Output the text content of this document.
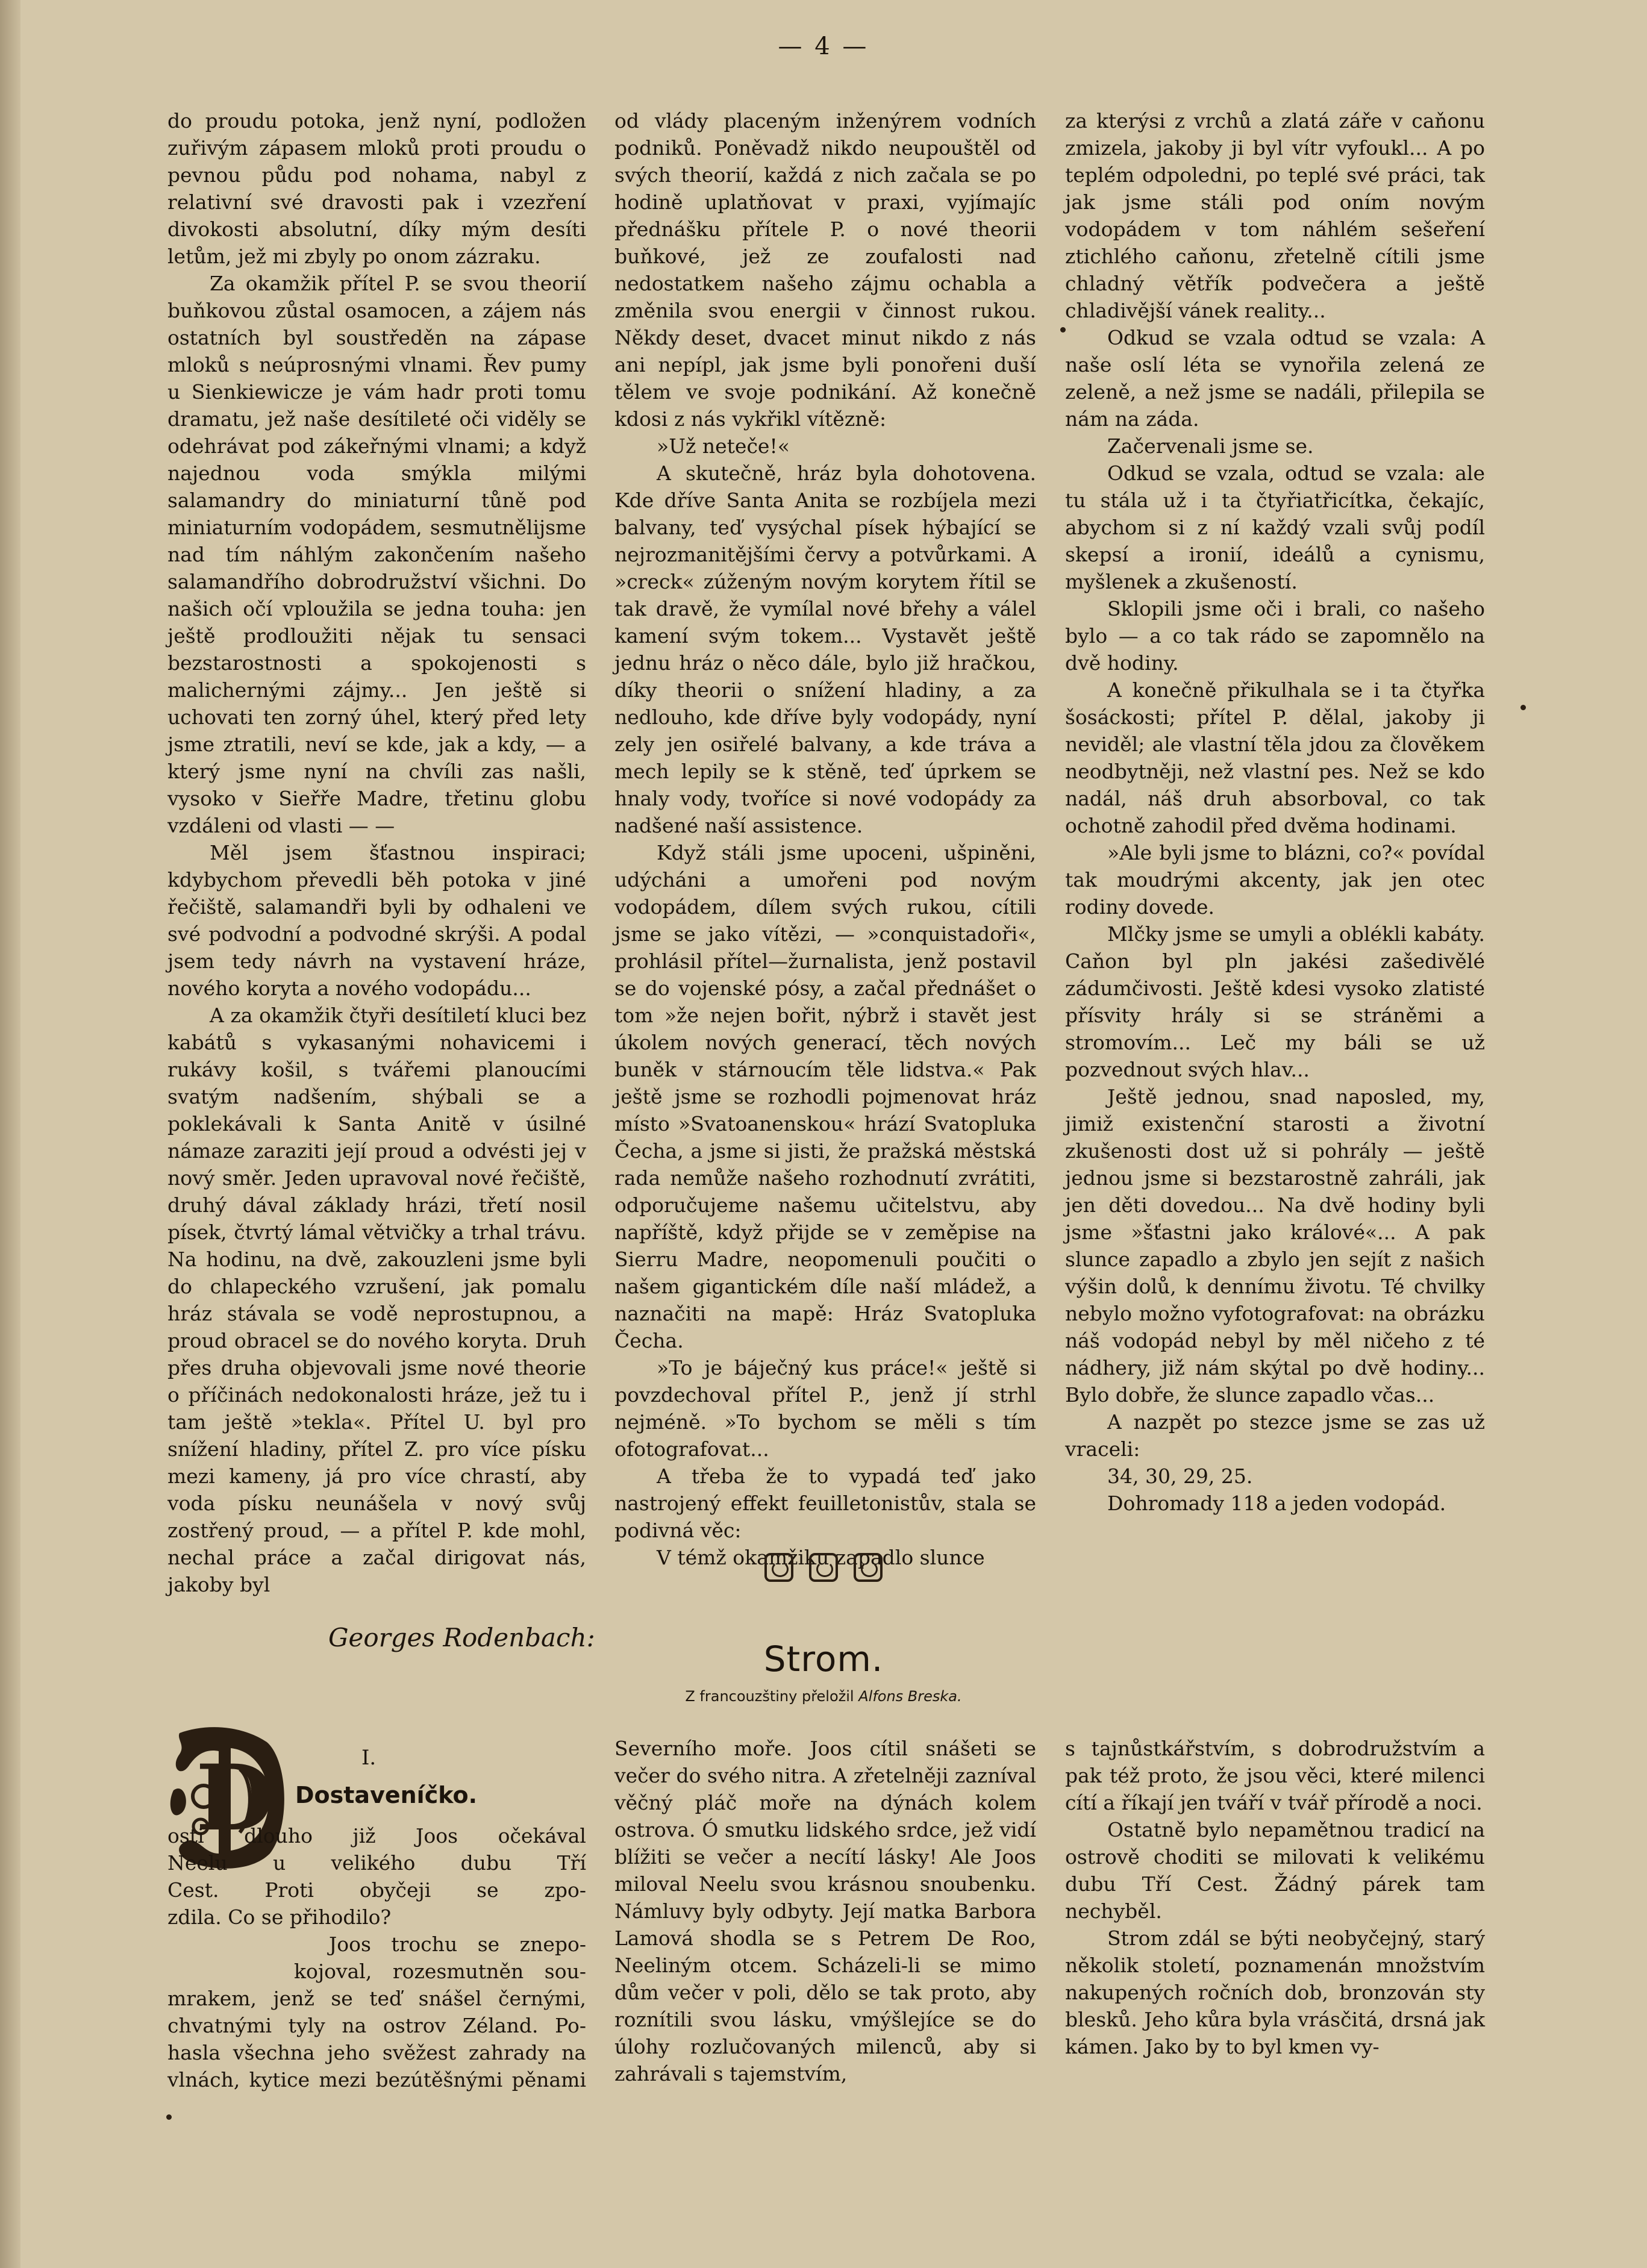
— 4 —

do proudu potoka, jenž nyní, podložen zuřivým zápasem mloků proti proudu o pevnou půdu pod nohama, nabyl z relativní své dravosti pak i vzezření divokosti absolutní, díky mým desíti letům, jež mi zbyly po onom zázraku.

Za okamžik přítel P. se svou theorií buňkovou zůstal osamocen, a zájem nás ostatních byl soustředěn na zápase mloků s neúprosnými vlnami. Řev pumy u Sienkiewicze je vám hadr proti tomu dramatu, jež naše desítileté oči viděly se odehrávat pod zákeřnými vlnami; a když najednou voda smýkla milými salamandry do miniaturní tůně pod miniaturním vodopádem, sesmutnělijsme nad tím náhlým zakončením našeho salamandřího dobrodružství všichni. Do našich očí vploužila se jedna touha: jen ještě prodloužiti nějak tu sensaci bezstarostnosti a spokojenosti s malichernými zájmy... Jen ještě si uchovati ten zorný úhel, který před lety jsme ztratili, neví se kde, jak a kdy, — a který jsme nyní na chvíli zas našli, vysoko v Sieřře Madre, třetinu globu vzdáleni od vlasti — —

Měl jsem šťastnou inspiraci; kdybychom převedli běh potoka v jiné řečiště, salamandři byli by odhaleni ve své podvodní a podvodné skrýši. A podal jsem tedy návrh na vystavení hráze, nového koryta a nového vodopádu...

A za okamžik čtyři desítiletí kluci bez kabátů s vykasanými nohavicemi i rukávy košil, s tvářemi planoucími svatým nadšením, shýbali se a poklekávali k Santa Anitě v úsilné námaze zaraziti její proud a odvésti jej v nový směr. Jeden upravoval nové řečiště, druhý dával základy hrázi, třetí nosil písek, čtvrtý lámal větvičky a trhal trávu. Na hodinu, na dvě, zakouzleni jsme byli do chlapeckého vzrušení, jak pomalu hráz stávala se vodě neprostupnou, a proud obracel se do nového koryta. Druh přes druha objevovali jsme nové theorie o příčinách nedokonalosti hráze, jež tu i tam ještě »tekla«. Přítel U. byl pro snížení hladiny, přítel Z. pro více písku mezi kameny, já pro více chrastí, aby voda písku neunášela v nový svůj zostřený proud, — a přítel P. kde mohl, nechal práce a začal dirigovat nás, jakoby byl

od vlády placeným inženýrem vodních podniků. Poněvadž nikdo neupouštěl od svých theorií, každá z nich začala se po hodině uplatňovat v praxi, vyjímajíc přednášku přítele P. o nové theorii buňkové, jež ze zoufalosti nad nedostatkem našeho zájmu ochabla a změnila svou energii v činnost rukou. Někdy deset, dvacet minut nikdo z nás ani nepípl, jak jsme byli ponořeni duší tělem ve svoje podnikání. Až konečně kdosi z nás vykřikl vítězně:

»Už neteče!«

A skutečně, hráz byla dohotovena. Kde dříve Santa Anita se rozbíjela mezi balvany, teď vysýchal písek hýbající se nejrozmanitějšími červy a potvůrkami. A »creck« zúženým novým korytem řítil se tak dravě, že vymílal nové břehy a válel kamení svým tokem... Vystavět ještě jednu hráz o něco dále, bylo již hračkou, díky theorii o snížení hladiny, a za nedlouho, kde dříve byly vodopády, nyní zely jen osiřelé balvany, a kde tráva a mech lepily se k stěně, teď úprkem se hnaly vody, tvoříce si nové vodopády za nadšené naší assistence.

Když stáli jsme upoceni, ušpiněni, udýcháni a umořeni pod novým vodopádem, dílem svých rukou, cítili jsme se jako vítězi, — »conquistadoři«, prohlásil přítel—žurnalista, jenž postavil se do vojenské pósy, a začal přednášet o tom »že nejen bořit, nýbrž i stavět jest úkolem nových generací, těch nových buněk v stárnoucím těle lidstva.« Pak ještě jsme se rozhodli pojmenovat hráz místo »Svatoanenskou« hrází Svatopluka Čecha, a jsme si jisti, že pražská městská rada nemůže našeho rozhodnutí zvrátiti, odporučujeme našemu učitelstvu, aby napříště, když přijde se v zeměpise na Sierru Madre, neopomenuli poučiti o našem gigantickém díle naší mládež, a naznačiti na mapě: Hráz Svatopluka Čecha.

»To je báječný kus práce!« ještě si povzdechoval přítel P., jenž jí strhl nejméně. »To bychom se měli s tím ofotografovat...

A třeba že to vypadá teď jako nastrojený effekt feuilletonistův, stala se podivná věc:

V témž okamžiku zapadlo slunce

za kterýsi z vrchů a zlatá záře v caňonu zmizela, jakoby ji byl vítr vyfoukl... A po teplém odpoledni, po teplé své práci, tak jak jsme stáli pod oním novým vodopádem v tom náhlém sešeření ztichlého caňonu, zřetelně cítili jsme chladný větřík podvečera a ještě chladivější vánek reality...

Odkud se vzala odtud se vzala: A naše oslí léta se vynořila zelená ze zeleně, a než jsme se nadáli, přilepila se nám na záda.

Začervenali jsme se.

Odkud se vzala, odtud se vzala: ale tu stála už i ta čtyřiatřicítka, čekajíc, abychom si z ní každý vzali svůj podíl skepsí a ironií, ideálů a cynismu, myšlenek a zkušeností.

Sklopili jsme oči i brali, co našeho bylo — a co tak rádo se zapomnělo na dvě hodiny.

A konečně přikulhala se i ta čtyřka šosáckosti; přítel P. dělal, jakoby ji neviděl; ale vlastní těla jdou za člověkem neodbytněji, než vlastní pes. Než se kdo nadál, náš druh absorboval, co tak ochotně zahodil před dvěma hodinami.

»Ale byli jsme to blázni, co?« povídal tak moudrými akcenty, jak jen otec rodiny dovede.

Mlčky jsme se umyli a oblékli kabáty. Caňon byl pln jakési zašedivělé zádumčivosti. Ještě kdesi vysoko zlatisté přísvity hrály si se stráněmi a stromovím... Leč my báli se už pozvednout svých hlav...

Ještě jednou, snad naposled, my, jimiž existenční starosti a životní zkušenosti dost už si pohrály — ještě jednou jsme si bezstarostně zahráli, jak jen děti dovedou... Na dvě hodiny byli jsme »šťastni jako králové«... A pak slunce zapadlo a zbylo jen sejít z našich výšin dolů, k dennímu životu. Té chvilky nebylo možno vyfotografovat: na obrázku náš vodopád nebyl by měl ničeho z té nádhery, již nám skýtal po dvě hodiny... Bylo dobře, že slunce zapadlo včas...

A nazpět po stezce jsme se zas už vraceli:

34, 30, 29, 25.

Dohromady 118 a jeden vodopád.

Georges Rodenbach:
Strom.
Z francouzštiny přeložil Alfons Breska.
D	I.
Dostaveníčko.
osti dlouho již Joos očekával
Neelu u velikého dubu Tří
Cest. Proti obyčeji se zpo-
zdila. Co se přihodilo?
Joos trochu se znepo-
kojoval, rozesmutněn sou-
mrakem, jenž se teď snášel černými,
chvatnými tyly na ostrov Zéland. Po-
hasla všechna jeho svěžest zahrady na
vlnách, kytice mezi bezútěšnými pěnami

Severního moře. Joos cítil snášeti se večer do svého nitra. A zřetelněji zazníval věčný pláč moře na dýnách kolem ostrova. Ó smutku lidského srdce, jež vidí blížiti se večer a necítí lásky! Ale Joos miloval Neelu svou krásnou snoubenku. Námluvy byly odbyty. Její matka Barbora Lamová shodla se s Petrem De Roo, Neeliným otcem. Scházeli-li se mimo dům večer v poli, dělo se tak proto, aby roznítili svou lásku, vmýšlejíce se do úlohy rozlučovaných milenců, aby si zahrávali s tajemstvím,

s tajnůstkářstvím, s dobrodružstvím a pak též proto, že jsou věci, které milenci cítí a říkají jen tváří v tvář přírodě a noci.

Ostatně bylo nepamětnou tradicí na ostrově choditi se milovati k velikému dubu Tří Cest. Žádný párek tam nechyběl.

Strom zdál se býti neobyčejný, starý několik století, poznamenán množstvím nakupených ročních dob, bronzován sty blesků. Jeho kůra byla vrásčitá, drsná jak kámen. Jako by to byl kmen vy-
